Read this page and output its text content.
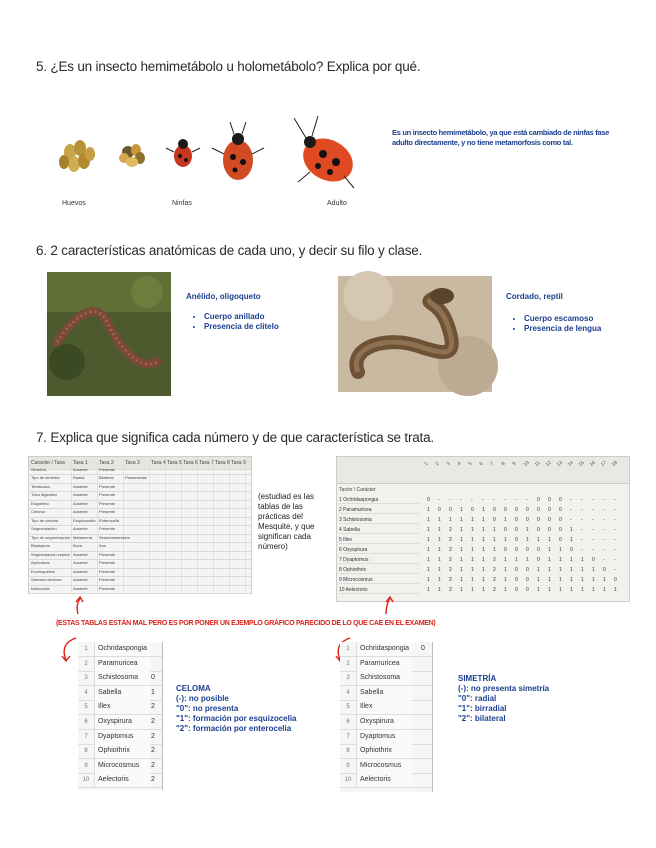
5. ¿Es un insecto hemimetábolo u holometábolo? Explica por qué.
Huevos	Ninfas	Adulto
Es un insecto hemimetábolo, ya que está cambiado de ninfas fase adulto directamente, y no tiene metamorfosis como tal.
6. 2 características anatómicas de cada uno, y decir su filo y clase.
Anélido, oligoqueto
• Cuerpo anillado
• Presencia de clitelo
Cordado, reptil
• Cuerpo escamoso
• Presencia de lengua
7. Explica que significa cada número y de que característica se trata.
Caracter / Taxa	Taxa 1	Taxa 2	Taxa 3	Taxa 4 Taxa 5 Taxa 6 Taxa 7 Taxa 8 Taxa 9
Simetría	Ausente	Presente
Tipo de simetría	Radial	Bilateral	Pentarradial
Tentáculos	Ausente	Presente
Tubo digestivo	Ausente	Presente
Esqueleto	Ausente	Presente
Celoma	Ausente	Presente
Tipo de celoma	Esquizocelia Enterocelia
Segmentación	Ausente	Presente
Tipo de segmentación Metamería	Seudometamería
Blastoporo	Boca	Ano
Segmentación espiral Ausente	Presente
Apéndices	Ausente	Presente
Exoesqueleto	Ausente	Presente
Sistema nervioso	Ausente	Presente
Notocorda	Ausente	Presente
(estudiad es las tablas de las prácticas del Mesquite, y que significan cada número)
1 2 3 4 5 6 7 8 9 10 11 12 13 14 15 16 17 18
Taxón \ Carácter
1 Ochridaspongia	0 - - - - - - - - - 0 0 0 - - - - -
2 Paramuricea	1 0 0 1 0 1 0 0 0 0 0 0 0 - - - - -
3 Schistosoma	1 1 1 1 1 1 0 1 0 0 0 0 0 - - - - -
4 Sabella	1 1 2 1 1 1 1 0 0 1 0 0 0 1 - - - -
5 Illex	1 1 2 1 1 1 1 1 0 1 1 1 0 1 - - - -
6 Oxyspirura	1 1 2 1 1 1 1 0 0 0 0 1 1 0 - - - -
7 Dyaptomus	1 1 2 1 1 1 2 1 1 1 0 1 1 1 1 0 - -
8 Ophiothrix	1 1 2 1 1 1 2 1 0 0 1 1 1 1 1 1 0 -
9 Microcosmus	1 1 2 1 1 1 2 1 0 0 1 1 1 1 1 1 1 0
10 Aelectoris	1 1 2 1 1 1 2 1 0 0 1 1 1 1 1 1 1 1
(ESTAS TABLAS ESTÁN MAL PERO ES POR PONER UN EJEMPLO GRÁFICO PARECIDO DE LO QUE CAE EN EL EXAMEN)
1	Ochridaspongia
2	Paramuricea
3	Schistosoma	0
4	Sabella	1
5	Illex	2
6	Oxyspirura	2
7	Dyaptomus	2
8	Ophiothrix	2
9	Microcosmus	2
10	Aelectoris	2
CELOMA
(-): no posible
"0": no presenta
"1": formación por esquizocelia
"2": formación por enterocelia
1	Ochridaspongia	0
2	Paramuricea
3	Schistosoma
4	Sabella
5	Illex
6	Oxyspirura
7	Dyaptomus
8	Ophiothrix
9	Microcosmus
10	Aelectoris
SIMETRÍA
(-): no presenta simetría
"0": radial
"1": birradial
"2": bilateral
